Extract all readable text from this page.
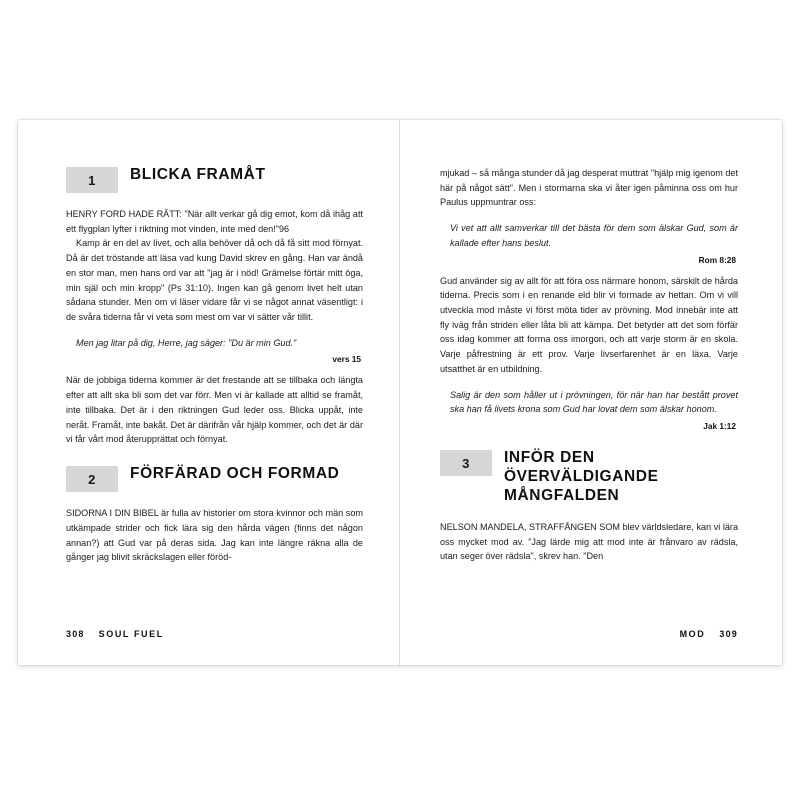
1	BLICKA FRAMÅT

HENRY FORD HADE RÄTT: "När allt verkar gå dig emot, kom då ihåg att ett flygplan lyfter i riktning mot vinden, inte med den!"96

Kamp är en del av livet, och alla behöver då och då få sitt mod förnyat. Då är det tröstande att läsa vad kung David skrev en gång. Han var ändå en stor man, men hans ord var att "jag är i nöd! Grämelse förtär mitt öga, min själ och min kropp" (Ps 31:10). Ingen kan gå genom livet helt utan sådana stunder. Men om vi läser vidare får vi se något annat väsentligt: i de svåra tiderna får vi veta som mest om var vi sätter vår tillit.

Men jag litar på dig, Herre, jag säger: "Du är min Gud."
vers 15

När de jobbiga tiderna kommer är det frestande att se tillbaka och längta efter att allt ska bli som det var förr. Men vi är kallade att alltid se framåt, inte tillbaka. Det är i den riktningen Gud leder oss. Blicka uppåt, inte neråt. Framåt, inte bakåt. Det är därifrån vår hjälp kommer, och det är där vi får vårt mod återupprättat och förnyat.

2	FÖRFÄRAD OCH FORMAD

SIDORNA I DIN BIBEL är fulla av historier om stora kvinnor och män som utkämpade strider och fick lära sig den hårda vägen (finns det någon annan?) att Gud var på deras sida. Jag kan inte längre räkna alla de gånger jag blivit skräckslagen eller föröd-

308 SOUL FUEL

mjukad – så många stunder då jag desperat muttrat "hjälp mig igenom det här på något sätt". Men i stormarna ska vi åter igen påminna oss om hur Paulus uppmuntrar oss:

Vi vet att allt samverkar till det bästa för dem som älskar Gud, som är kallade efter hans beslut.
Rom 8:28

Gud använder sig av allt för att föra oss närmare honom, särskilt de hårda tiderna. Precis som i en renande eld blir vi formade av hettan. Om vi vill utveckla mod måste vi först möta tider av prövning. Mod innebär inte att fly iväg från striden eller låta bli att kämpa. Det betyder att det som förfär oss idag kommer att forma oss imorgon, och att varje storm är en skola. Varje påfrestning är ett prov. Varje livserfarenhet är en läxa. Varje utsatthet är en utbildning.

Salig är den som håller ut i prövningen, för när han har bestått provet ska han få livets krona som Gud har lovat dem som älskar honom.
Jak 1:12
3	INFÖR DEN ÖVERVÄLDIGANDE MÅNGFALDEN

NELSON MANDELA, STRAFFÅNGEN SOM blev världsledare, kan vi lära oss mycket mod av. "Jag lärde mig att mod inte är frånvaro av rädsla, utan seger över rädsla", skrev han. "Den

MOD 309
